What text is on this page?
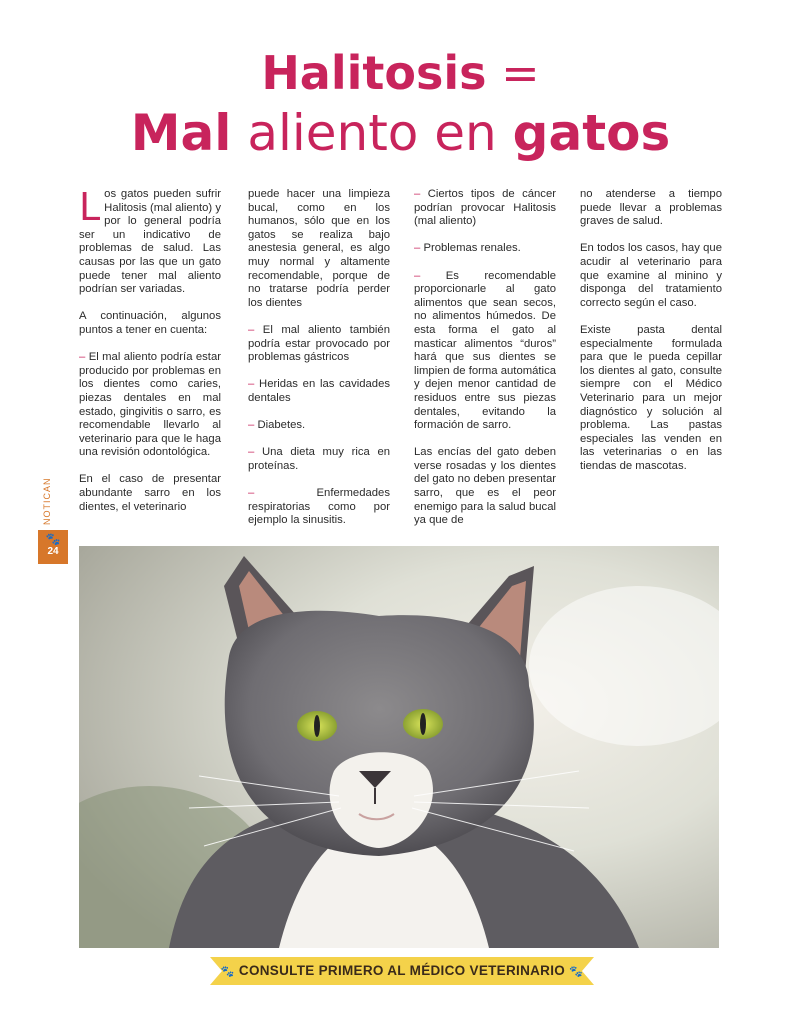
Halitosis =
Mal aliento en gatos

Los gatos pueden sufrir Halitosis (mal aliento) y por lo general podría ser un indicativo de problemas de salud. Las causas por las que un gato puede tener mal aliento podrían ser variadas.

A continuación, algunos puntos a tener en cuenta:

– El mal aliento podría estar producido por problemas en los dientes como caries, piezas dentales en mal estado, gingivitis o sarro, es recomendable llevarlo al veterinario para que le haga una revisión odontológica.

En el caso de presentar abundante sarro en los dientes, el veterinario

puede hacer una limpieza bucal, como en los humanos, sólo que en los gatos se realiza bajo anestesia general, es algo muy normal y altamente recomendable, porque de no tratarse podría perder los dientes

– El mal aliento también podría estar provocado por problemas gástricos

– Heridas en las cavidades dentales

– Diabetes.

– Una dieta muy rica en proteínas.

–	Enfermedades respiratorias como por ejemplo la sinusitis.

– Ciertos tipos de cáncer podrían provocar Halitosis (mal aliento)

– Problemas renales.

– Es recomendable proporcionarle al gato alimentos que sean secos, no alimentos húmedos. De esta forma el gato al masticar alimentos “duros” hará que sus dientes se limpien de forma automática y dejen menor cantidad de residuos entre sus piezas dentales, evitando la formación de sarro.

Las encías del gato deben verse rosadas y los dientes del gato no deben presentar sarro, que es el peor enemigo para la salud bucal ya que de

no atenderse a tiempo puede llevar a problemas graves de salud.

En todos los casos, hay que acudir al veterinario para que examine al minino y disponga del tratamiento correcto según el caso.

Existe pasta dental especialmente formulada para que le pueda cepillar los dientes al gato, consulte siempre con el Médico Veterinario para un mejor diagnóstico y solución al problema. Las pastas especiales las venden en las veterinarias o en las tiendas de mascotas.

NOTICAN
🐾
24
🐾 CONSULTE PRIMERO AL MÉDICO VETERINARIO 🐾
